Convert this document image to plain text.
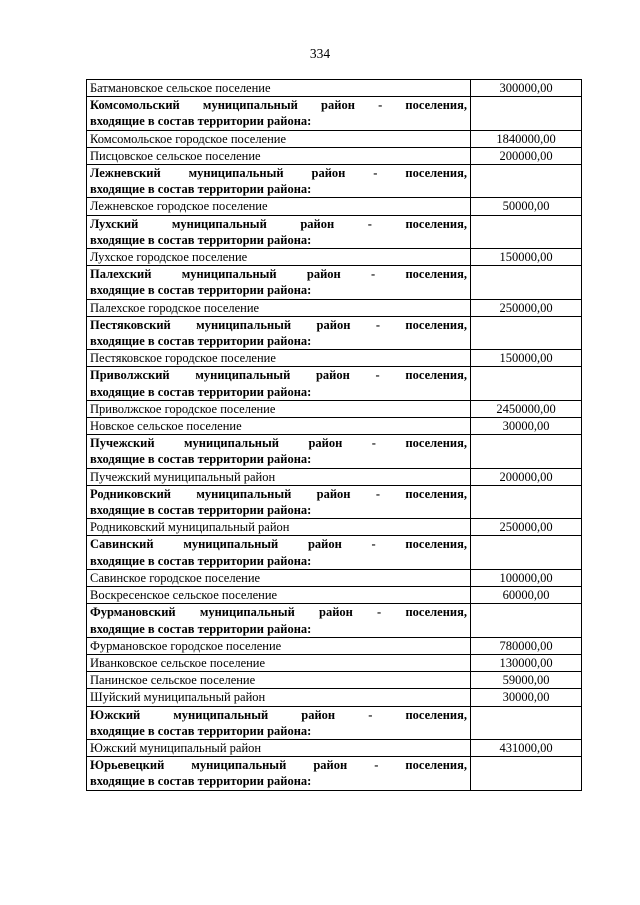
334
Батмановское сельское поселение	300000,00

Комсомольский муниципальный район - поселения,
входящие в состав территории района:	

Комсомольское городское поселение	1840000,00
Писцовское сельское поселение	200000,00

Лежневский муниципальный район - поселения,
входящие в состав территории района:	

Лежневское городское поселение	50000,00

Лухский муниципальный район - поселения,
входящие в состав территории района:	

Лухское городское поселение	150000,00

Палехский муниципальный район - поселения,
входящие в состав территории района:	

Палехское городское поселение	250000,00

Пестяковский муниципальный район - поселения,
входящие в состав территории района:	

Пестяковское городское поселение	150000,00

Приволжский муниципальный район - поселения,
входящие в состав территории района:	

Приволжское городское поселение	2450000,00
Новское сельское поселение	30000,00

Пучежский муниципальный район - поселения,
входящие в состав территории района:	

Пучежский муниципальный район	200000,00

Родниковский муниципальный район - поселения,
входящие в состав территории района:	

Родниковский муниципальный район	250000,00

Савинский муниципальный район - поселения,
входящие в состав территории района:	

Савинское городское поселение	100000,00
Воскресенское сельское поселение	60000,00

Фурмановский муниципальный район - поселения,
входящие в состав территории района:	

Фурмановское городское поселение	780000,00
Иванковское сельское поселение	130000,00
Панинское сельское поселение	59000,00
Шуйский муниципальный район	30000,00

Южский муниципальный район - поселения,
входящие в состав территории района:	

Южский муниципальный район	431000,00

Юрьевецкий муниципальный район - поселения,
входящие в состав территории района:	
